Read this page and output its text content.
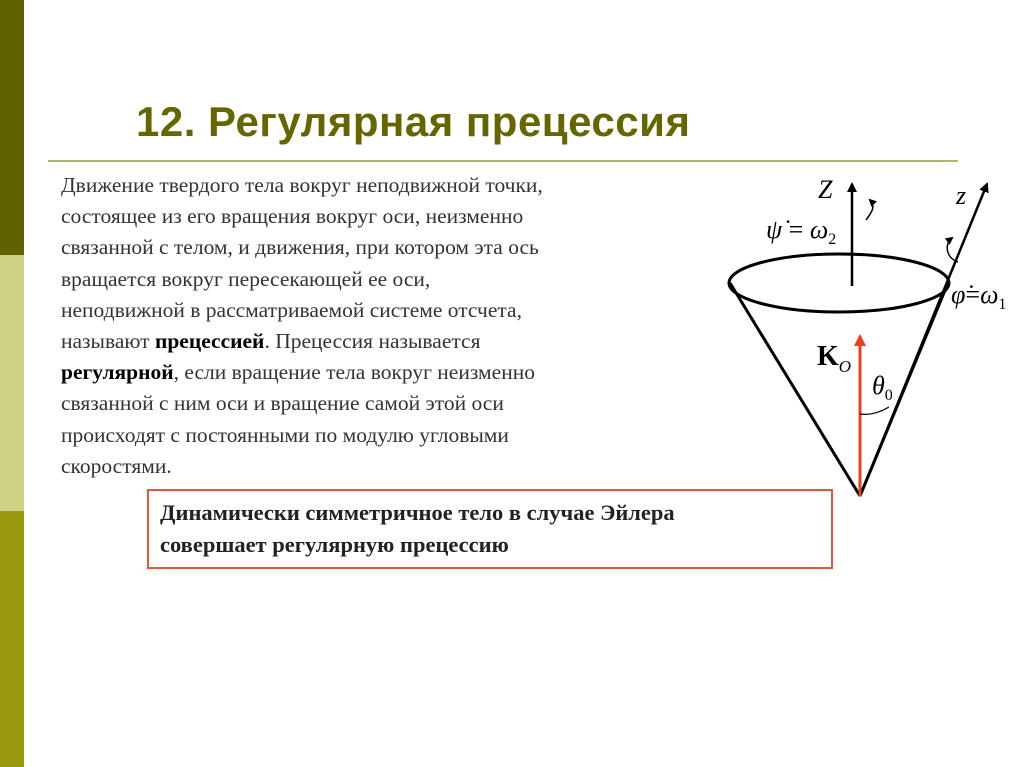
12. Регулярная прецессия
Движение твердого тела вокруг неподвижной точки,
состоящее из его вращения вокруг оси, неизменно
связанной с телом, и движения, при котором эта ось
вращается вокруг пересекающей ее оси,
неподвижной в рассматриваемой системе отсчета,
называют прецессией. Прецессия называется
регулярной, если вращение тела вокруг неизменно
связанной с ним оси и вращение самой этой оси
происходят с постоянными по модулю угловыми
скоростями.
Динамически симметричное тело в случае Эйлера
совершает регулярную прецессию
Z	z
ψ̇ = $\omega_2$
$\varphi̇=\omega_1$
$K_O$
$\theta_0$
